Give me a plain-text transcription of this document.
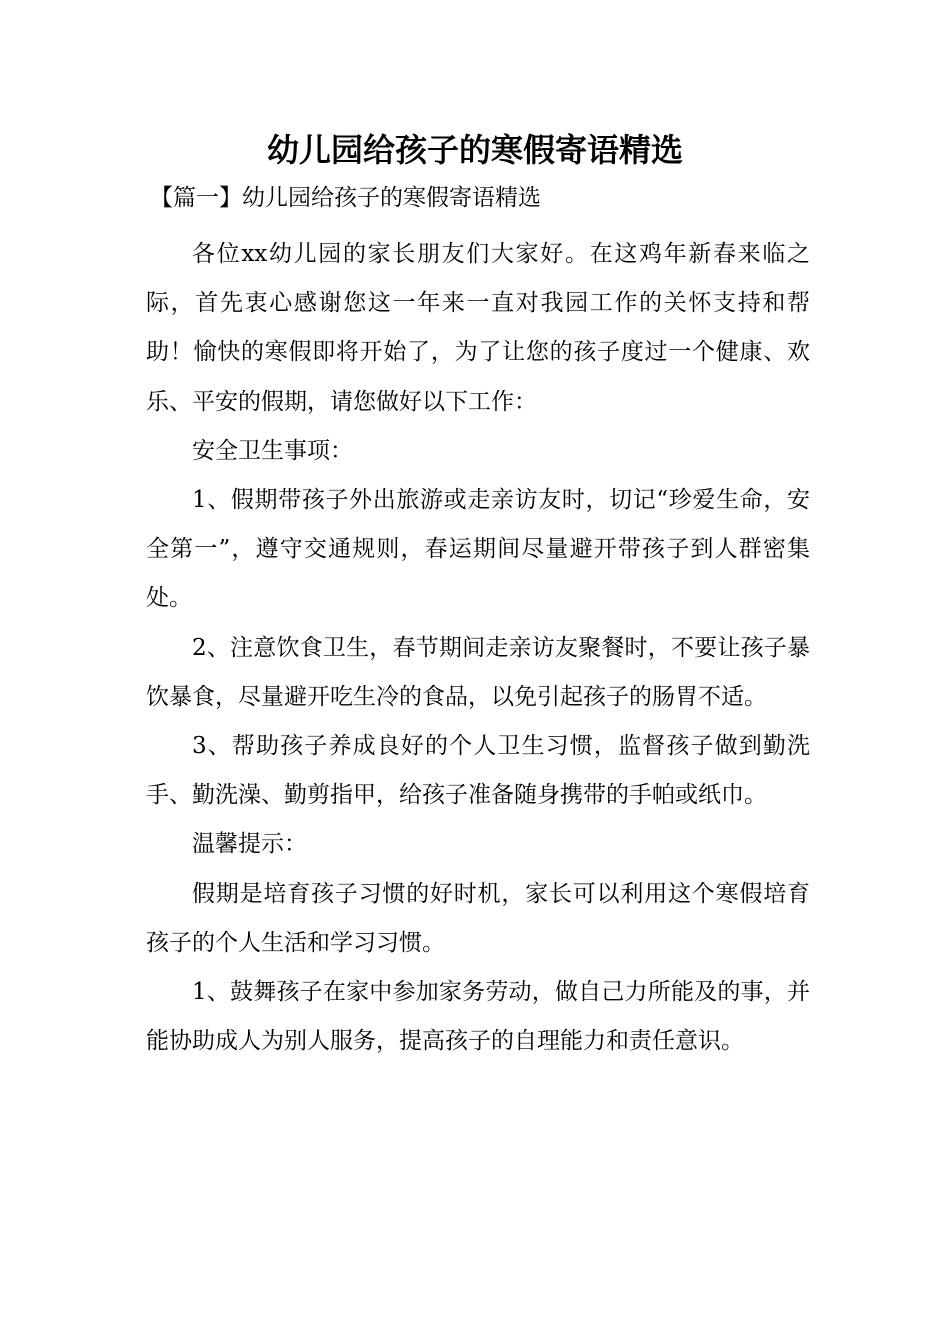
幼儿园给孩子的寒假寄语精选
【篇一】幼儿园给孩子的寒假寄语精选

各位xx幼儿园的家长朋友们大家好。在这鸡年新春来临之际，首先衷心感谢您这一年来一直对我园工作的关怀支持和帮助！愉快的寒假即将开始了，为了让您的孩子度过一个健康、欢乐、平安的假期，请您做好以下工作：

安全卫生事项：

1、假期带孩子外出旅游或走亲访友时，切记“珍爱生命，安全第一”，遵守交通规则，春运期间尽量避开带孩子到人群密集处。

2、注意饮食卫生，春节期间走亲访友聚餐时，不要让孩子暴饮暴食，尽量避开吃生冷的食品，以免引起孩子的肠胃不适。

3、帮助孩子养成良好的个人卫生习惯，监督孩子做到勤洗手、勤洗澡、勤剪指甲，给孩子准备随身携带的手帕或纸巾。

温馨提示：

假期是培育孩子习惯的好时机，家长可以利用这个寒假培育孩子的个人生活和学习习惯。

1、鼓舞孩子在家中参加家务劳动，做自己力所能及的事，并能协助成人为别人服务，提高孩子的自理能力和责任意识。
